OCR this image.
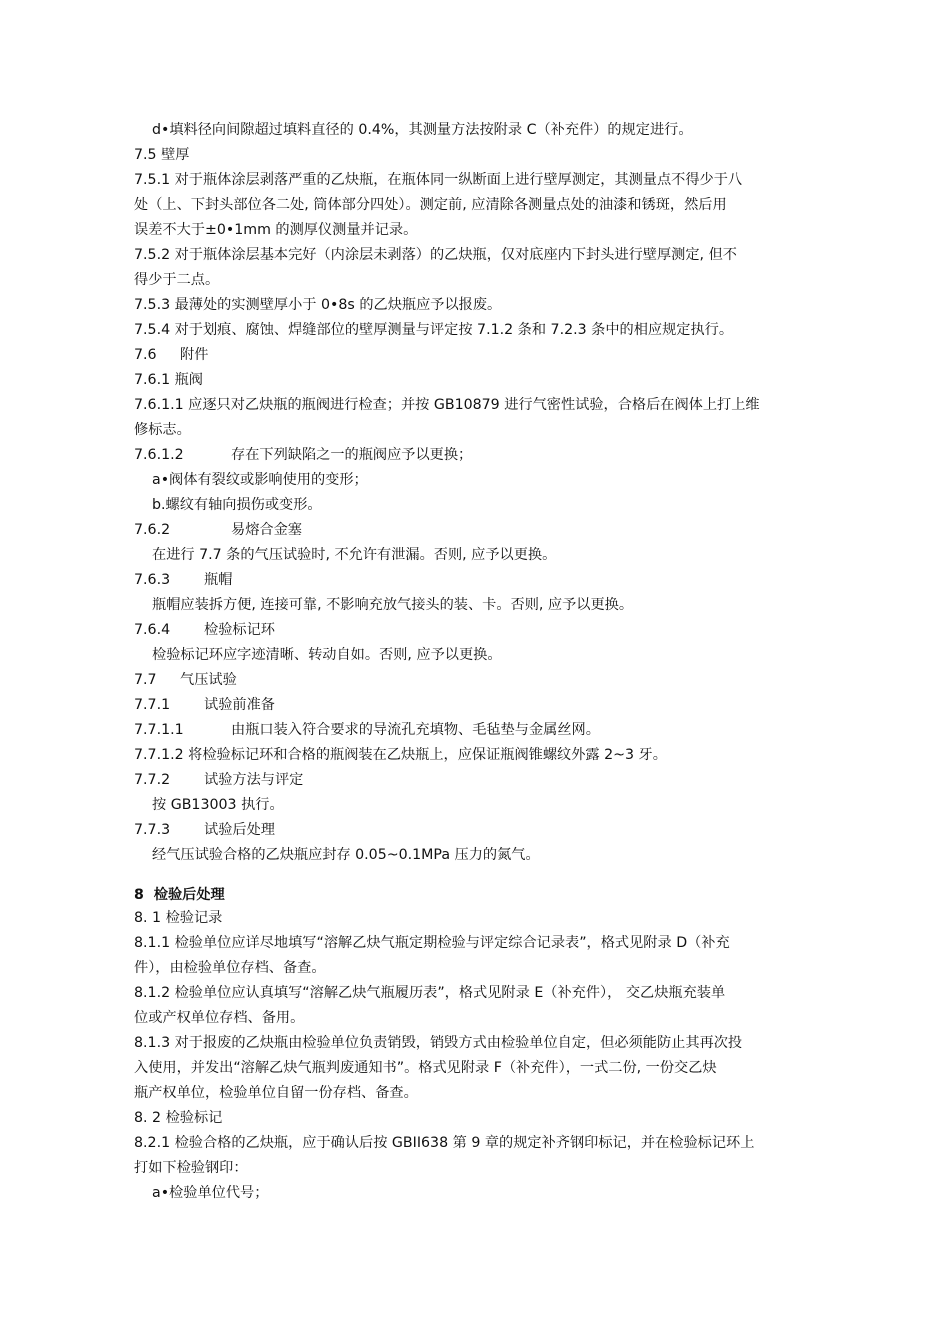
d•填料径向间隙超过填料直径的 0.4%，其测量方法按附录 C（补充件）的规定进行。
7.5 壁厚
7.5.1 对于瓶体涂层剥落严重的乙炔瓶，在瓶体同一纵断面上进行壁厚测定，其测量点不得少于八
处（上、下封头部位各二处, 筒体部分四处）。测定前, 应清除各测量点处的油漆和锈斑，然后用
误差不大于±0•1mm 的测厚仪测量并记录。
7.5.2 对于瓶体涂层基本完好（内涂层未剥落）的乙炔瓶，仅对底座内下封头进行壁厚测定, 但不
得少于二点。
7.5.3 最薄处的实测壁厚小于 0•8s 的乙炔瓶应予以报废。
7.5.4 对于划痕、腐蚀、焊缝部位的壁厚测量与评定按 7.1.2 条和 7.2.3 条中的相应规定执行。
7.6 附件
7.6.1 瓶阀
7.6.1.1 应逐只对乙炔瓶的瓶阀进行检查；并按 GB10879 进行气密性试验，合格后在阀体上打上维
修标志。
7.6.1.2	存在下列缺陷之一的瓶阀应予以更换；
a•阀体有裂纹或影响使用的变形；
b.螺纹有轴向损伤或变形。
7.6.2	易熔合金塞
在进行 7.7 条的气压试验时, 不允许有泄漏。否则, 应予以更换。
7.6.3 瓶帽
瓶帽应装拆方便, 连接可靠, 不影响充放气接头的装、卡。否则, 应予以更换。
7.6.4 检验标记环
检验标记环应字迹清晰、转动自如。否则, 应予以更换。
7.7 气压试验
7.7.1 试验前准备
7.7.1.1	由瓶口装入符合要求的导流孔充填物、毛毡垫与金属丝网。
7.7.1.2 将检验标记环和合格的瓶阀装在乙炔瓶上，应保证瓶阀锥螺纹外露 2~3 牙。
7.7.2 试验方法与评定
按 GB13003 执行。
7.7.3 试验后处理
经气压试验合格的乙炔瓶应封存 0.05~0.1MPa 压力的氮气。
8 检验后处理
8. 1 检验记录
8.1.1 检验单位应详尽地填写“溶解乙炔气瓶定期检验与评定综合记录表”，格式见附录 D（补充
件），由检验单位存档、备查。
8.1.2 检验单位应认真填写“溶解乙炔气瓶履历表”，格式见附录 E（补充件）， 交乙炔瓶充装单
位或产权单位存档、备用。
8.1.3 对于报废的乙炔瓶由检验单位负责销毁，销毁方式由检验单位自定，但必须能防止其再次投
入使用，并发出“溶解乙炔气瓶判废通知书”。格式见附录 F（补充件），一式二份, 一份交乙炔
瓶产权单位，检验单位自留一份存档、备查。
8. 2 检验标记
8.2.1 检验合格的乙炔瓶，应于确认后按 GBII638 第 9 章的规定补齐钢印标记，并在检验标记环上
打如下检验钢印：
a•检验单位代号；
